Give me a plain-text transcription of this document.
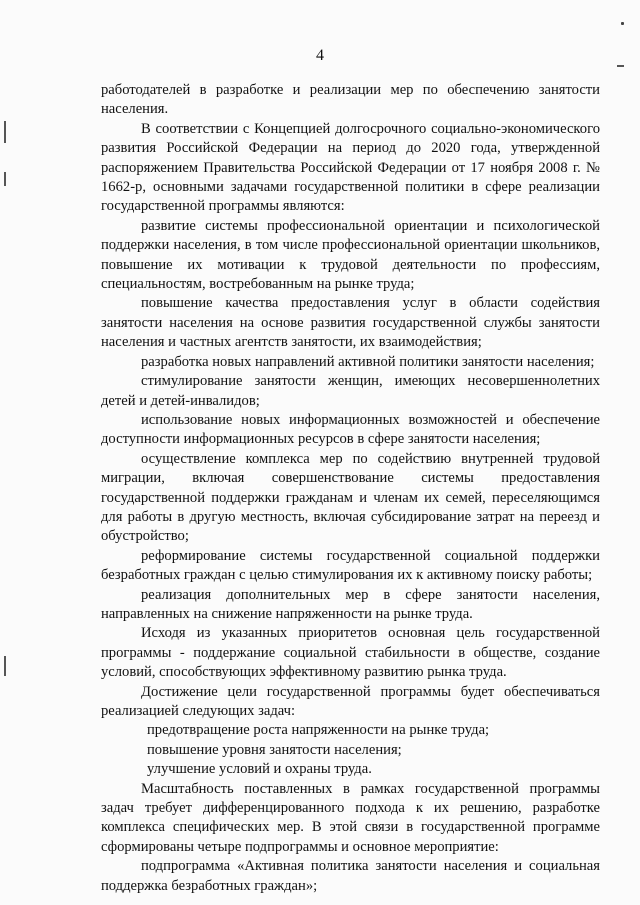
4

работодателей в разработке и реализации мер по обеспечению занятости населения.

В соответствии с Концепцией долгосрочного социально-экономического развития Российской Федерации на период до 2020 года, утвержденной распоряжением Правительства Российской Федерации от 17 ноября 2008 г. № 1662-р, основными задачами государственной политики в сфере реализации государственной программы являются:

развитие системы профессиональной ориентации и психологической поддержки населения, в том числе профессиональной ориентации школьников, повышение их мотивации к трудовой деятельности по профессиям, специальностям, востребованным на рынке труда;

повышение качества предоставления услуг в области содействия занятости населения на основе развития государственной службы занятости населения и частных агентств занятости, их взаимодействия;

разработка новых направлений активной политики занятости населения;

стимулирование занятости женщин, имеющих несовершеннолетних детей и детей-инвалидов;

использование новых информационных возможностей и обеспечение доступности информационных ресурсов в сфере занятости населения;

осуществление комплекса мер по содействию внутренней трудовой миграции, включая совершенствование системы предоставления государственной поддержки гражданам и членам их семей, переселяющимся для работы в другую местность, включая субсидирование затрат на переезд и обустройство;

реформирование системы государственной социальной поддержки безработных граждан с целью стимулирования их к активному поиску работы;

реализация дополнительных мер в сфере занятости населения, направленных на снижение напряженности на рынке труда.

Исходя из указанных приоритетов основная цель государственной программы - поддержание социальной стабильности в обществе, создание условий, способствующих эффективному развитию рынка труда.

Достижение цели государственной программы будет обеспечиваться реализацией следующих задач:

предотвращение роста напряженности на рынке труда;

повышение уровня занятости населения;

улучшение условий и охраны труда.

Масштабность поставленных в рамках государственной программы задач требует дифференцированного подхода к их решению, разработке комплекса специфических мер. В этой связи в государственной программе сформированы четыре подпрограммы и основное мероприятие:

подпрограмма «Активная политика занятости населения и социальная поддержка безработных граждан»;
